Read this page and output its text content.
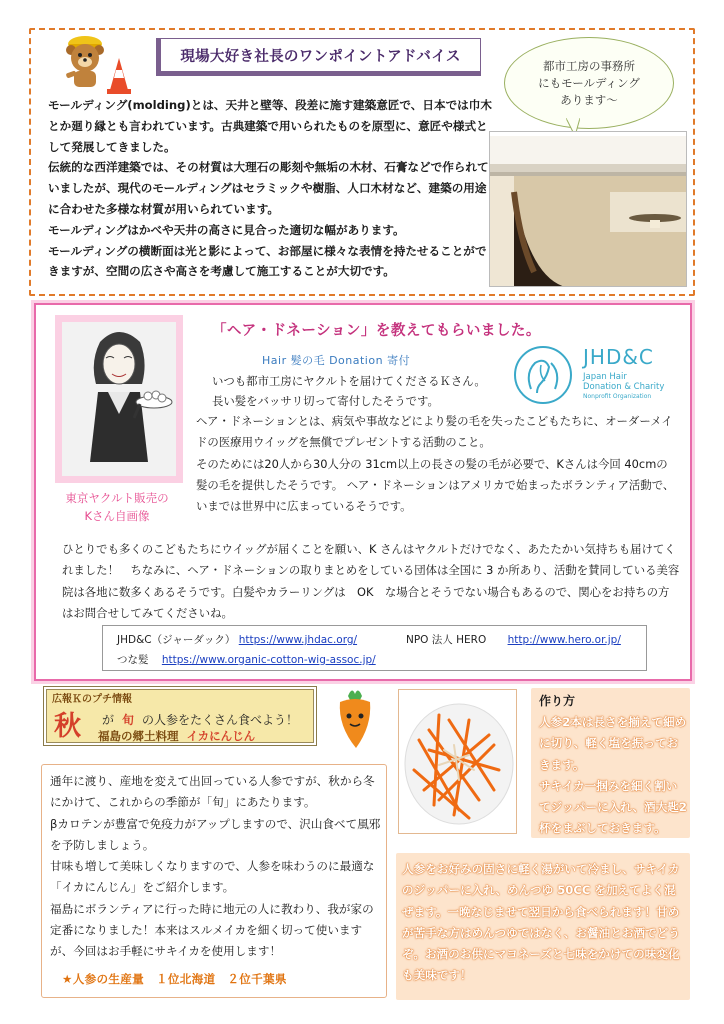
現場大好き社長のワンポイントアドバイス
モールディング(molding)とは、天井と壁等、段差に施す建築意匠で、日本では巾木とか廻り縁とも言われています。古典建築で用いられたものを原型に、意匠や様式として発展してきました。
伝統的な西洋建築では、その材質は大理石の彫刻や無垢の木材、石膏などで作られていましたが、現代のモールディングはセラミックや樹脂、人口木材など、建築の用途に合わせた多様な材質が用いられています。
モールディングはかべや天井の高さに見合った適切な幅があります。
モールディングの横断面は光と影によって、お部屋に様々な表情を持たせることができますが、空間の広さや高さを考慮して施工することが大切です。
都市工房の事務所
にもモールディング
あります～
東京ヤクルト販売の
Kさん自画像
「ヘア・ドネーション」を教えてもらいました。
Hair 髪の毛 Donation 寄付	JHD&C
Japan Hair
Donation & Charity
Nonprofit Organization
いつも都市工房にヤクルトを届けてくださるＫさん。
長い髪をバッサリ切って寄付したそうです。
ヘア・ドネーションとは、病気や事故などにより髪の毛を失ったこどもたちに、オーダーメイドの医療用ウイッグを無償でプレゼントする活動のこと。
そのためには20人から30人分の 31cm以上の長さの髪の毛が必要で、Kさんは今回 40cmの髪の毛を提供したそうです。 ヘア・ドネーションはアメリカで始まったボランティア活動で、いまでは世界中に広まっているそうです。
ひとりでも多くのこどもたちにウイッグが届くことを願い、K さんはヤクルトだけでなく、あたたかい気持ちも届けてくれました！　ちなみに、ヘア・ドネーションの取りまとめをしている団体は全国に 3 か所あり、活動を賛同している美容院は各地に数多くあるそうです。白髪やカラーリングは　OK　な場合とそうでない場合もあるので、関心をお持ちの方はお問合せしてみてくださいね。
JHD&C（ジャーダック） https://www.jhdac.org/	NPO 法人 HERO http://www.hero.or.jp/
つな髪 https://www.organic-cotton-wig-assoc.jp/
広報Ｋのプチ情報
秋 が 旬 の人参をたくさん食べよう！
福島の郷土料理 イカにんじん
通年に渡り、産地を変えて出回っている人参ですが、秋から冬にかけて、これからの季節が「旬」にあたります。
βカロテンが豊富で免疫力がアップしますので、沢山食べて風邪を予防しましょう。
甘味も増して美味しくなりますので、人参を味わうのに最適な「イカにんじん」をご紹介します。
福島にボランティアに行った時に地元の人に教わり、我が家の定番になりました！本来はスルメイカを細く切って使いますが、今回はお手軽にサキイカを使用します！
★人参の生産量　１位北海道　２位千葉県
作り方
人参2本は長さを揃えて細めに切り、軽く塩を振っておきます。
サキイカ一掴みを細く割いてジッパーに入れ、酒大匙2杯をまぶしておきます。
人参をお好みの固さに軽く湯がいて冷まし、サキイカのジッパーに入れ、めんつゆ 50CC を加えてよく混ぜます。一晩なじませて翌日から食べられます！甘めが苦手な方はめんつゆではなく、お醤油とお酒でどうぞ。お酒のお供にマヨネーズと七味をかけての味変化も美味です！
